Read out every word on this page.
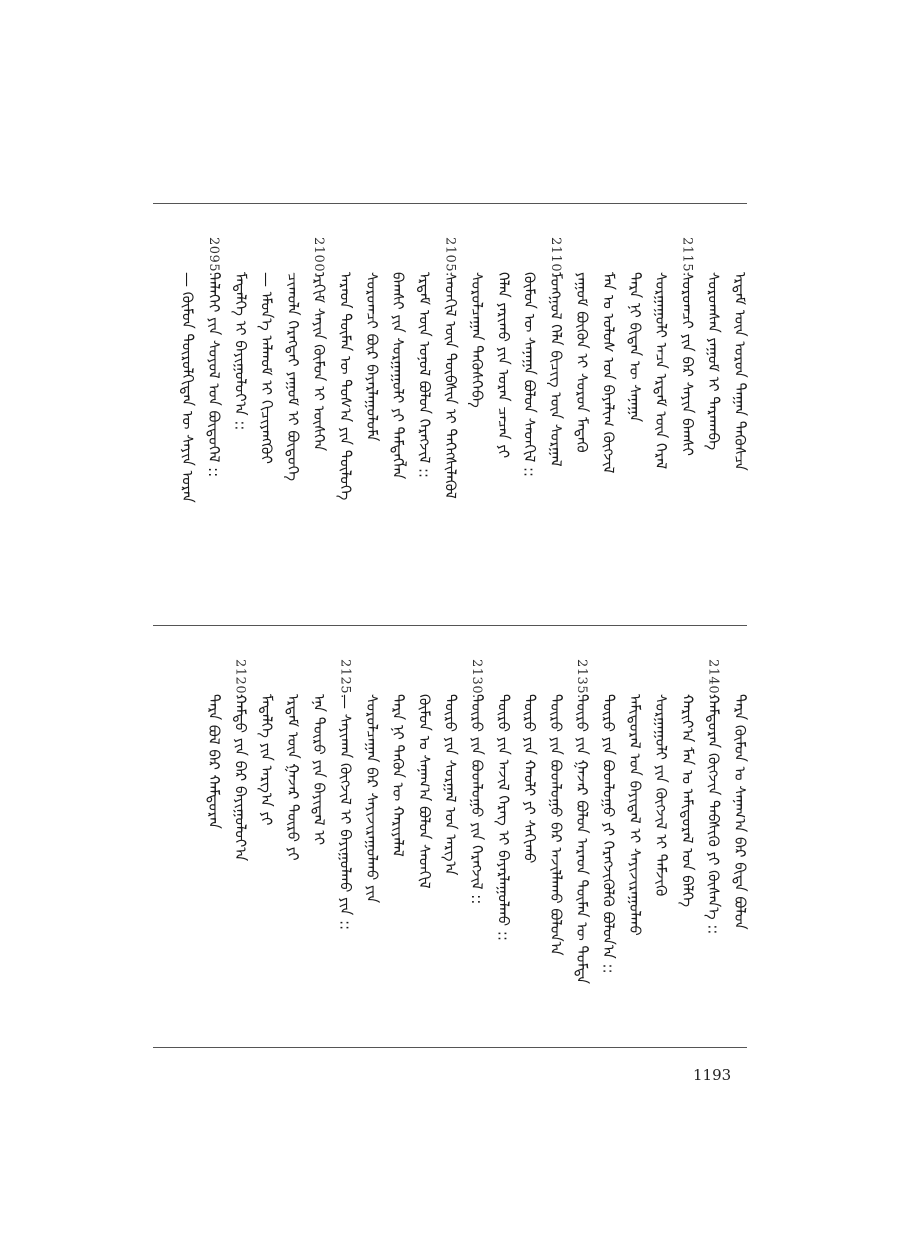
ᠡᠷᠳᠡᠮ ᠦᠨ ᠣᠷᠣᠨ ᠳᠠᠭᠠᠨ ᠲᠡᠭᠦᠰᠴᠡ
ᠰᠤᠷᠤᠭᠰᠠᠨ ᠶᠠᠭᠤᠮ ᠢ ᠲᠠᠷᠠᠬᠠᠪᠠ
ᠰᠤᠷᠤᠭᠴᠢ ᠶᠢᠨ ᠪᠡᠷ ᠰᠠᠶᠢᠨ ᠪᠠᠭᠰᠢ
2115.
ᠰᠤᠷᠭᠠᠭᠤᠯᠢ ᠠᠴᠠ ᠡᠷᠳᠡᠮ ᠦᠨ ᠭᠡᠷᠡᠯ
ᠲᠡᠷᠡ ᠨᠢ ᠪᠢᠳᠡᠨ ᠦ ᠰᠠᠨᠠᠭᠠ
ᠮᠠᠨ ᠤ ᠤᠯᠤᠰ ᠤᠨ ᠪᠠᠶᠠᠯᠢᠭ ᠬᠥᠭᠵᠢᠯ
ᠶᠠᠭᠤᠮ ᠪᠦᠬᠦᠨ ᠢ ᠰᠤᠷᠤᠨ ᠮᠡᠳᠡᠬᠦ
ᠮᠣᠩᠭᠣᠯ ᠬᠡᠯᠡ ᠪᠢᠴᠢᠭ ᠦᠨ ᠰᠤᠷᠭᠠᠯ
2110.
ᠬᠦᠮᠦᠨ ᠦ ᠰᠠᠨᠠᠭᠠ ᠪᠣᠯᠤᠨ ᠰᠡᠳᠬᠢᠯ ::
ᠬᠡᠯᠡᠨ ᠶᠠᠷᠢᠬᠤ ᠶᠢᠨ ᠤᠷᠠᠨ ᠴᠡᠴᠡᠨ ᠶᠢ
ᠰᠤᠷᠤᠯᠴᠠᠭᠠᠨ ᠲᠡᠭᠦᠰᠬᠡᠪᠡ
ᠰᠡᠳᠬᠢᠯ ᠦᠨ ᠲᠦᠪᠰᠢᠨ ᠢ ᠳᠡᠭᠡᠭᠰᠢᠯᠡᠭᠦᠯ
2105.
ᠡᠷᠳᠡᠮ ᠦᠨ ᠣᠨᠤᠯ ᠪᠣᠯᠤᠨ ᠬᠡᠷᠡᠭᠵᠢᠯ ::
ᠪᠠᠭᠰᠢ ᠶᠢᠨ ᠰᠤᠷᠭᠠᠭᠤᠯᠢ ᠶᠢ ᠲᠡᠮᠳᠡᠭᠯᠡᠨ
ᠰᠤᠷᠤᠭᠴᠢ ᠪᠦᠷ ᠪᠠᠶᠠᠷᠯᠠᠭᠤᠯᠤᠮᠠ
ᠠᠷᠠᠳ ᠲᠦᠮᠡᠨ ᠦ ᠲᠤᠰ᠎ᠠ ᠶᠢᠨ ᠲᠥᠯᠦᠭᠡ
ᠡᠷᠬᠢᠮ ᠰᠠᠶᠢᠨ ᠬᠦᠮᠦᠨ ᠢ ᠥᠰᠬᠡᠨ
2100.
ᠴᠢᠬᠤᠯᠠ ᠬᠡᠷᠡᠭᠲᠡᠢ ᠶᠠᠭᠤᠮ ᠢ ᠪᠦᠲᠦᠭᠡ
— ᠡᠮᠦᠨ᠎ᠡ ᠠᠯᠬᠤᠮ ᠢ ᠬᠢᠴᠢᠶᠡᠩᠭᠦᠢ
ᠮᠡᠳᠡᠯᠭᠡ ᠢ ᠪᠠᠶᠢᠭᠤᠯᠤᠶ᠎ᠠ ::
ᠳᠡᠯᠡᠬᠡᠢ ᠶᠢᠨ ᠰᠣᠶᠣᠯ ᠤᠨ ᠪᠦᠲᠦᠭᠡᠯ ::
2095.
— ᠬᠦᠮᠦᠨ ᠲᠥᠷᠥᠯᠬᠢᠲᠡᠨ ᠦ ᠰᠠᠶᠢᠨ ᠤᠷᠠᠨ
ᠲᠡᠷᠡ ᠬᠦᠮᠦᠨ ᠤ ᠰᠠᠨᠠᠭ᠎ᠠ ᠪᠠᠷ ᠪᠢᠳᠡ ᠪᠣᠯᠤᠨ
ᠬᠠᠮᠲᠤᠷᠠᠨ ᠬᠥᠭᠵᠢᠨ ᠳᠡᠪᠰᠢᠬᠦ ᠶᠢ ᠬᠦᠰᠡᠨ᠎ᠡ ::
2140.
ᠬᠠᠷᠢᠶ᠎ᠠ ᠮᠠᠨ ᠤ ᠠᠮᠢᠳᠤᠷᠠᠯ ᠤᠨ ᠪᠡᠯᠭᠡ
ᠰᠤᠷᠭᠠᠭᠤᠯᠢ ᠶᠢᠨ ᠬᠥᠭᠵᠢᠯ ᠢ ᠳᠡᠮᠵᠢᠬᠦ
ᠠᠮᠢᠳᠤᠷᠠᠯ ᠤᠨ ᠪᠠᠶᠢᠳᠠᠯ ᠢ ᠰᠠᠶᠢᠵᠢᠷᠠᠭᠤᠯᠬᠤ
ᠲᠥᠷᠥ ᠶᠢᠨ ᠪᠣᠳᠯᠣᠭᠣ ᠶᠢ ᠬᠡᠷᠡᠭᠵᠢᠭᠦᠯᠬᠦ ᠪᠣᠯᠤᠨ᠎ᠠ ::
ᠲᠥᠷᠥ ᠶᠢᠨ ᠭᠠᠵᠠᠷ ᠪᠣᠯᠤᠨ ᠠᠷᠠᠳ ᠲᠦᠮᠡᠨ ᠦ ᠳᠤᠮᠳᠠ
2135.
ᠲᠥᠷᠥ ᠶᠢᠨ ᠪᠣᠳᠯᠣᠭᠣ ᠪᠠᠷ ᠠᠵᠢᠯᠯᠠᠬᠤ ᠪᠣᠯᠤᠨ᠎ᠠ
ᠲᠥᠷᠥ ᠶᠢᠨ ᠬᠠᠤᠯᠢ ᠶᠢ ᠰᠠᠬᠢᠬᠤ
ᠲᠥᠷᠥ ᠶᠢᠨ ᠠᠵᠢᠯ ᠬᠡᠷᠡᠭ ᠢ ᠪᠠᠶᠠᠷᠯᠠᠭᠤᠯᠬᠤ ::
ᠲᠥᠷᠥ ᠶᠢᠨ ᠪᠣᠳᠯᠣᠭᠣ ᠶᠢᠨ ᠬᠡᠷᠡᠭᠵᠢᠯ ::
2130.
ᠲᠥᠷᠥ ᠶᠢᠨ ᠰᠤᠷᠭᠠᠯ ᠤᠨ ᠠᠷᠭ᠎ᠠ
ᠬᠦᠮᠦᠨ ᠤ ᠰᠠᠨᠠᠭ᠎ᠠ ᠪᠣᠯᠤᠨ ᠰᠡᠳᠬᠢᠯ
ᠲᠡᠷᠡ ᠨᠢ ᠲᠡᠭᠦᠨ ᠦ ᠬᠠᠷᠢᠶᠠᠯᠠᠯ
ᠰᠤᠷᠤᠯᠴᠠᠭᠠᠨ ᠪᠠᠷ ᠰᠠᠶᠢᠵᠢᠷᠠᠭᠤᠯᠬᠤ ᠶᠢᠨ
— ᠰᠠᠶᠢᠬᠠᠨ ᠬᠥᠭᠵᠢᠯ ᠢ ᠪᠠᠶᠢᠭᠤᠯᠬᠤ ᠶᠢᠨ ::
2125.
ᠡᠨᠡ ᠲᠥᠷᠥ ᠶᠢᠨ ᠪᠠᠶᠢᠳᠠᠯ ᠢ
ᠡᠷᠳᠡᠮ ᠦᠨ ᠭᠠᠵᠠᠷ ᠲᠥᠷᠥ ᠶᠢ
ᠮᠡᠳᠡᠯᠭᠡ ᠶᠢᠨ ᠠᠷᠭ᠎ᠠ ᠶᠢ
ᠬᠠᠮᠲᠤ ᠶᠢᠨ ᠪᠡᠷ ᠪᠠᠶᠢᠭᠤᠯᠤᠶ᠎ᠠ
2120.
ᠲᠡᠷᠡ ᠪᠣᠯ ᠪᠠᠷ ᠬᠠᠮᠲᠤᠷᠠᠨ
1193
